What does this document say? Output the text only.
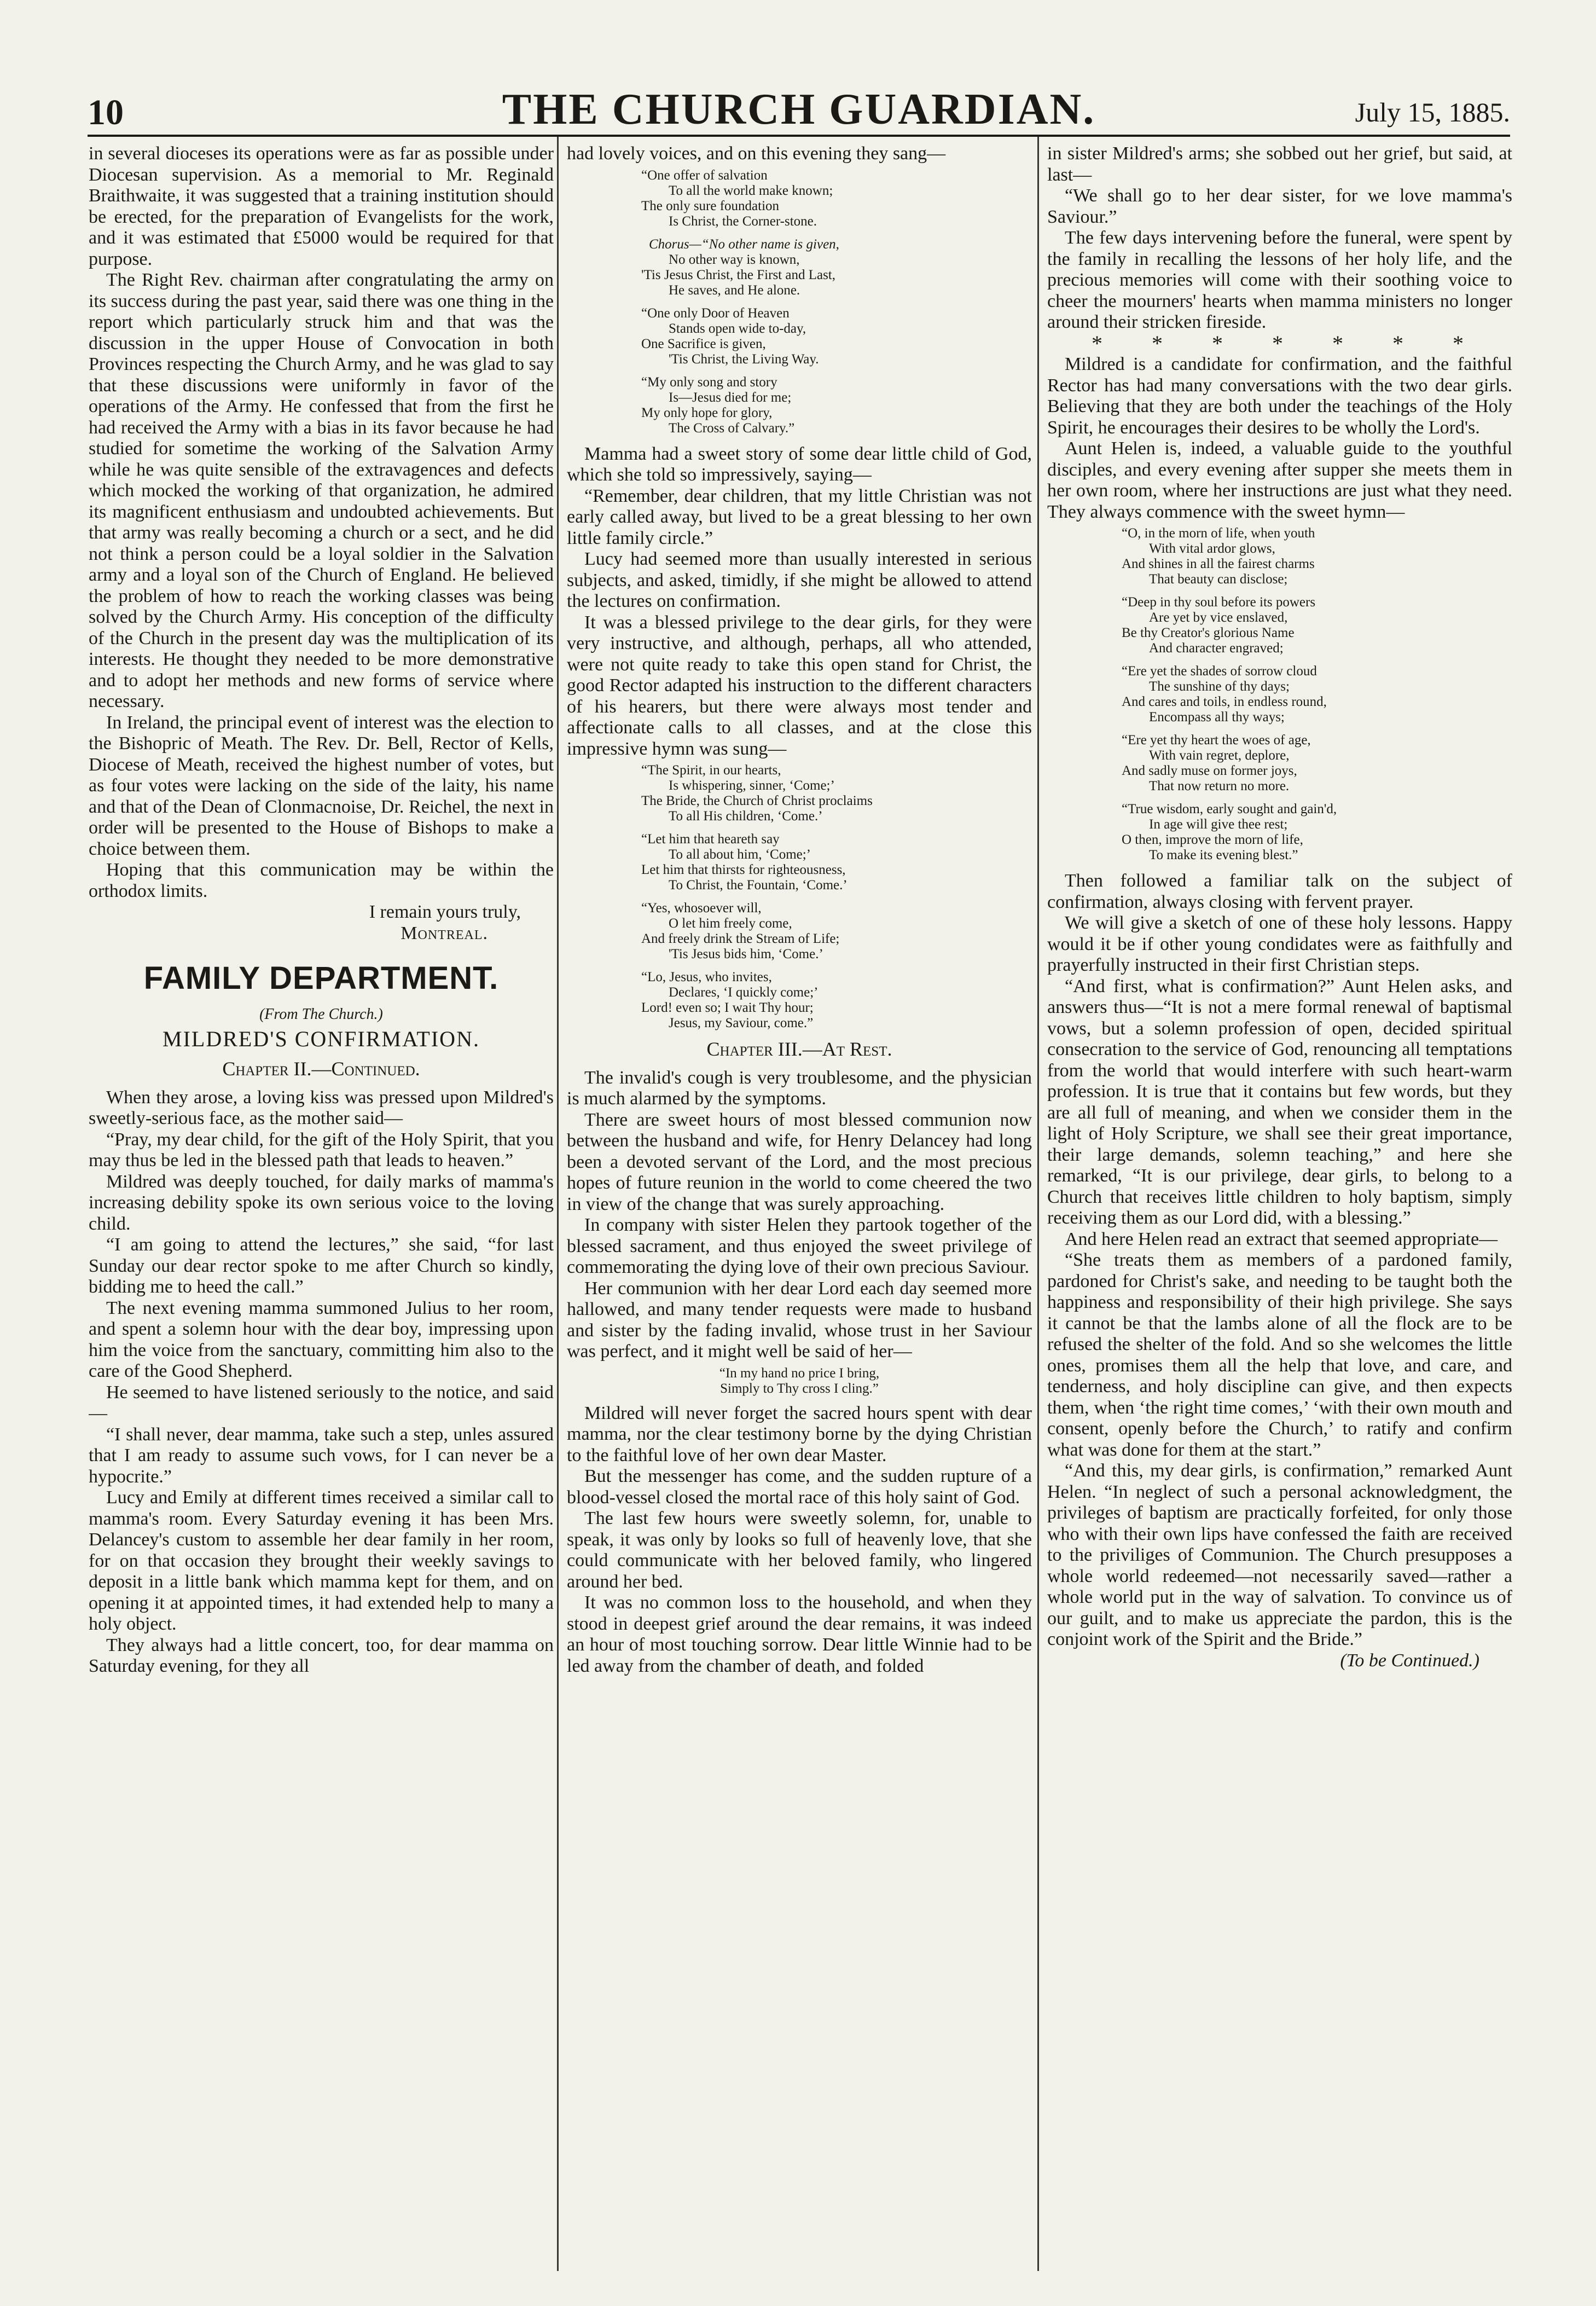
10	THE CHURCH GUARDIAN.	July 15, 1885.

in several dioceses its operations were as far as possible under Diocesan supervision. As a memorial to Mr. Reginald Braithwaite, it was suggested that a training institution should be erected, for the preparation of Evangelists for the work, and it was estimated that £5000 would be required for that purpose.

The Right Rev. chairman after congratulating the army on its success during the past year, said there was one thing in the report which particularly struck him and that was the discussion in the upper House of Convocation in both Provinces respecting the Church Army, and he was glad to say that these discussions were uniformly in favor of the operations of the Army. He confessed that from the first he had received the Army with a bias in its favor because he had studied for sometime the working of the Salvation Army while he was quite sensible of the extravagences and defects which mocked the working of that organization, he admired its magnificent enthusiasm and undoubted achievements. But that army was really becoming a church or a sect, and he did not think a person could be a loyal soldier in the Salvation army and a loyal son of the Church of England. He believed the problem of how to reach the working classes was being solved by the Church Army. His conception of the difficulty of the Church in the present day was the multiplication of its interests. He thought they needed to be more demonstrative and to adopt her methods and new forms of service where necessary.

In Ireland, the principal event of interest was the election to the Bishopric of Meath. The Rev. Dr. Bell, Rector of Kells, Diocese of Meath, received the highest number of votes, but as four votes were lacking on the side of the laity, his name and that of the Dean of Clonmacnoise, Dr. Reichel, the next in order will be presented to the House of Bishops to make a choice between them.

Hoping that this communication may be within the orthodox limits.

I remain yours truly,

Montreal.

FAMILY DEPARTMENT.

(From The Church.)

MILDRED'S CONFIRMATION.

Chapter II.—Continued.

When they arose, a loving kiss was pressed upon Mildred's sweetly-serious face, as the mother said—

“Pray, my dear child, for the gift of the Holy Spirit, that you may thus be led in the blessed path that leads to heaven.”

Mildred was deeply touched, for daily marks of mamma's increasing debility spoke its own serious voice to the loving child.

“I am going to attend the lectures,” she said, “for last Sunday our dear rector spoke to me after Church so kindly, bidding me to heed the call.”

The next evening mamma summoned Julius to her room, and spent a solemn hour with the dear boy, impressing upon him the voice from the sanctuary, committing him also to the care of the Good Shepherd.

He seemed to have listened seriously to the notice, and said—

“I shall never, dear mamma, take such a step, unles assured that I am ready to assume such vows, for I can never be a hypocrite.”

Lucy and Emily at different times received a similar call to mamma's room. Every Saturday evening it has been Mrs. Delancey's custom to assemble her dear family in her room, for on that occasion they brought their weekly savings to deposit in a little bank which mamma kept for them, and on opening it at appointed times, it had extended help to many a holy object.

They always had a little concert, too, for dear mamma on Saturday evening, for they all

had lovely voices, and on this evening they sang—

“One offer of salvation
To all the world make known;
The only sure foundation
Is Christ, the Corner-stone.
Chorus—“No other name is given,
No other way is known,
'Tis Jesus Christ, the First and Last,
He saves, and He alone.
“One only Door of Heaven
Stands open wide to-day,
One Sacrifice is given,
'Tis Christ, the Living Way.
“My only song and story
Is—Jesus died for me;
My only hope for glory,
The Cross of Calvary.”

Mamma had a sweet story of some dear little child of God, which she told so impressively, saying—

“Remember, dear children, that my little Christian was not early called away, but lived to be a great blessing to her own little family circle.”

Lucy had seemed more than usually interested in serious subjects, and asked, timidly, if she might be allowed to attend the lectures on confirmation.

It was a blessed privilege to the dear girls, for they were very instructive, and although, perhaps, all who attended, were not quite ready to take this open stand for Christ, the good Rector adapted his instruction to the different characters of his hearers, but there were always most tender and affectionate calls to all classes, and at the close this impressive hymn was sung—

“The Spirit, in our hearts,
Is whispering, sinner, ‘Come;’
The Bride, the Church of Christ proclaims
To all His children, ‘Come.’
“Let him that heareth say
To all about him, ‘Come;’
Let him that thirsts for righteousness,
To Christ, the Fountain, ‘Come.’
“Yes, whosoever will,
O let him freely come,
And freely drink the Stream of Life;
'Tis Jesus bids him, ‘Come.’
“Lo, Jesus, who invites,
Declares, ‘I quickly come;’
Lord! even so; I wait Thy hour;
Jesus, my Saviour, come.”

Chapter III.—At Rest.

The invalid's cough is very troublesome, and the physician is much alarmed by the symptoms.

There are sweet hours of most blessed communion now between the husband and wife, for Henry Delancey had long been a devoted servant of the Lord, and the most precious hopes of future reunion in the world to come cheered the two in view of the change that was surely approaching.

In company with sister Helen they partook together of the blessed sacrament, and thus enjoyed the sweet privilege of commemorating the dying love of their own precious Saviour.

Her communion with her dear Lord each day seemed more hallowed, and many tender requests were made to husband and sister by the fading invalid, whose trust in her Saviour was perfect, and it might well be said of her—

“In my hand no price I bring,
Simply to Thy cross I cling.”

Mildred will never forget the sacred hours spent with dear mamma, nor the clear testimony borne by the dying Christian to the faithful love of her own dear Master.

But the messenger has come, and the sudden rupture of a blood-vessel closed the mortal race of this holy saint of God.

The last few hours were sweetly solemn, for, unable to speak, it was only by looks so full of heavenly love, that she could communicate with her beloved family, who lingered around her bed.

It was no common loss to the household, and when they stood in deepest grief around the dear remains, it was indeed an hour of most touching sorrow. Dear little Winnie had to be led away from the chamber of death, and folded

in sister Mildred's arms; she sobbed out her grief, but said, at last—

“We shall go to her dear sister, for we love mamma's Saviour.”

The few days intervening before the funeral, were spent by the family in recalling the lessons of her holy life, and the precious memories will come with their soothing voice to cheer the mourners' hearts when mamma ministers no longer around their stricken fireside.

* * * * * * *

Mildred is a candidate for confirmation, and the faithful Rector has had many conversations with the two dear girls. Believing that they are both under the teachings of the Holy Spirit, he encourages their desires to be wholly the Lord's.

Aunt Helen is, indeed, a valuable guide to the youthful disciples, and every evening after supper she meets them in her own room, where her instructions are just what they need. They always commence with the sweet hymn—

“O, in the morn of life, when youth
With vital ardor glows,
And shines in all the fairest charms
That beauty can disclose;
“Deep in thy soul before its powers
Are yet by vice enslaved,
Be thy Creator's glorious Name
And character engraved;
“Ere yet the shades of sorrow cloud
The sunshine of thy days;
And cares and toils, in endless round,
Encompass all thy ways;
“Ere yet thy heart the woes of age,
With vain regret, deplore,
And sadly muse on former joys,
That now return no more.
“True wisdom, early sought and gain'd,
In age will give thee rest;
O then, improve the morn of life,
To make its evening blest.”

Then followed a familiar talk on the subject of confirmation, always closing with fervent prayer.

We will give a sketch of one of these holy lessons. Happy would it be if other young condidates were as faithfully and prayerfully instructed in their first Christian steps.

“And first, what is confirmation?” Aunt Helen asks, and answers thus—“It is not a mere formal renewal of baptismal vows, but a solemn profession of open, decided spiritual consecration to the service of God, renouncing all temptations from the world that would interfere with such heart-warm profession. It is true that it contains but few words, but they are all full of meaning, and when we consider them in the light of Holy Scripture, we shall see their great importance, their large demands, solemn teaching,” and here she remarked, “It is our privilege, dear girls, to belong to a Church that receives little children to holy baptism, simply receiving them as our Lord did, with a blessing.”

And here Helen read an extract that seemed appropriate—

“She treats them as members of a pardoned family, pardoned for Christ's sake, and needing to be taught both the happiness and responsibility of their high privilege. She says it cannot be that the lambs alone of all the flock are to be refused the shelter of the fold. And so she welcomes the little ones, promises them all the help that love, and care, and tenderness, and holy discipline can give, and then expects them, when ‘the right time comes,’ ‘with their own mouth and consent, openly before the Church,’ to ratify and confirm what was done for them at the start.”

“And this, my dear girls, is confirmation,” remarked Aunt Helen. “In neglect of such a personal acknowledgment, the privileges of baptism are practically forfeited, for only those who with their own lips have confessed the faith are received to the priviliges of Communion. The Church presupposes a whole world redeemed—not necessarily saved—rather a whole world put in the way of salvation. To convince us of our guilt, and to make us appreciate the pardon, this is the conjoint work of the Spirit and the Bride.”

(To be Continued.)
